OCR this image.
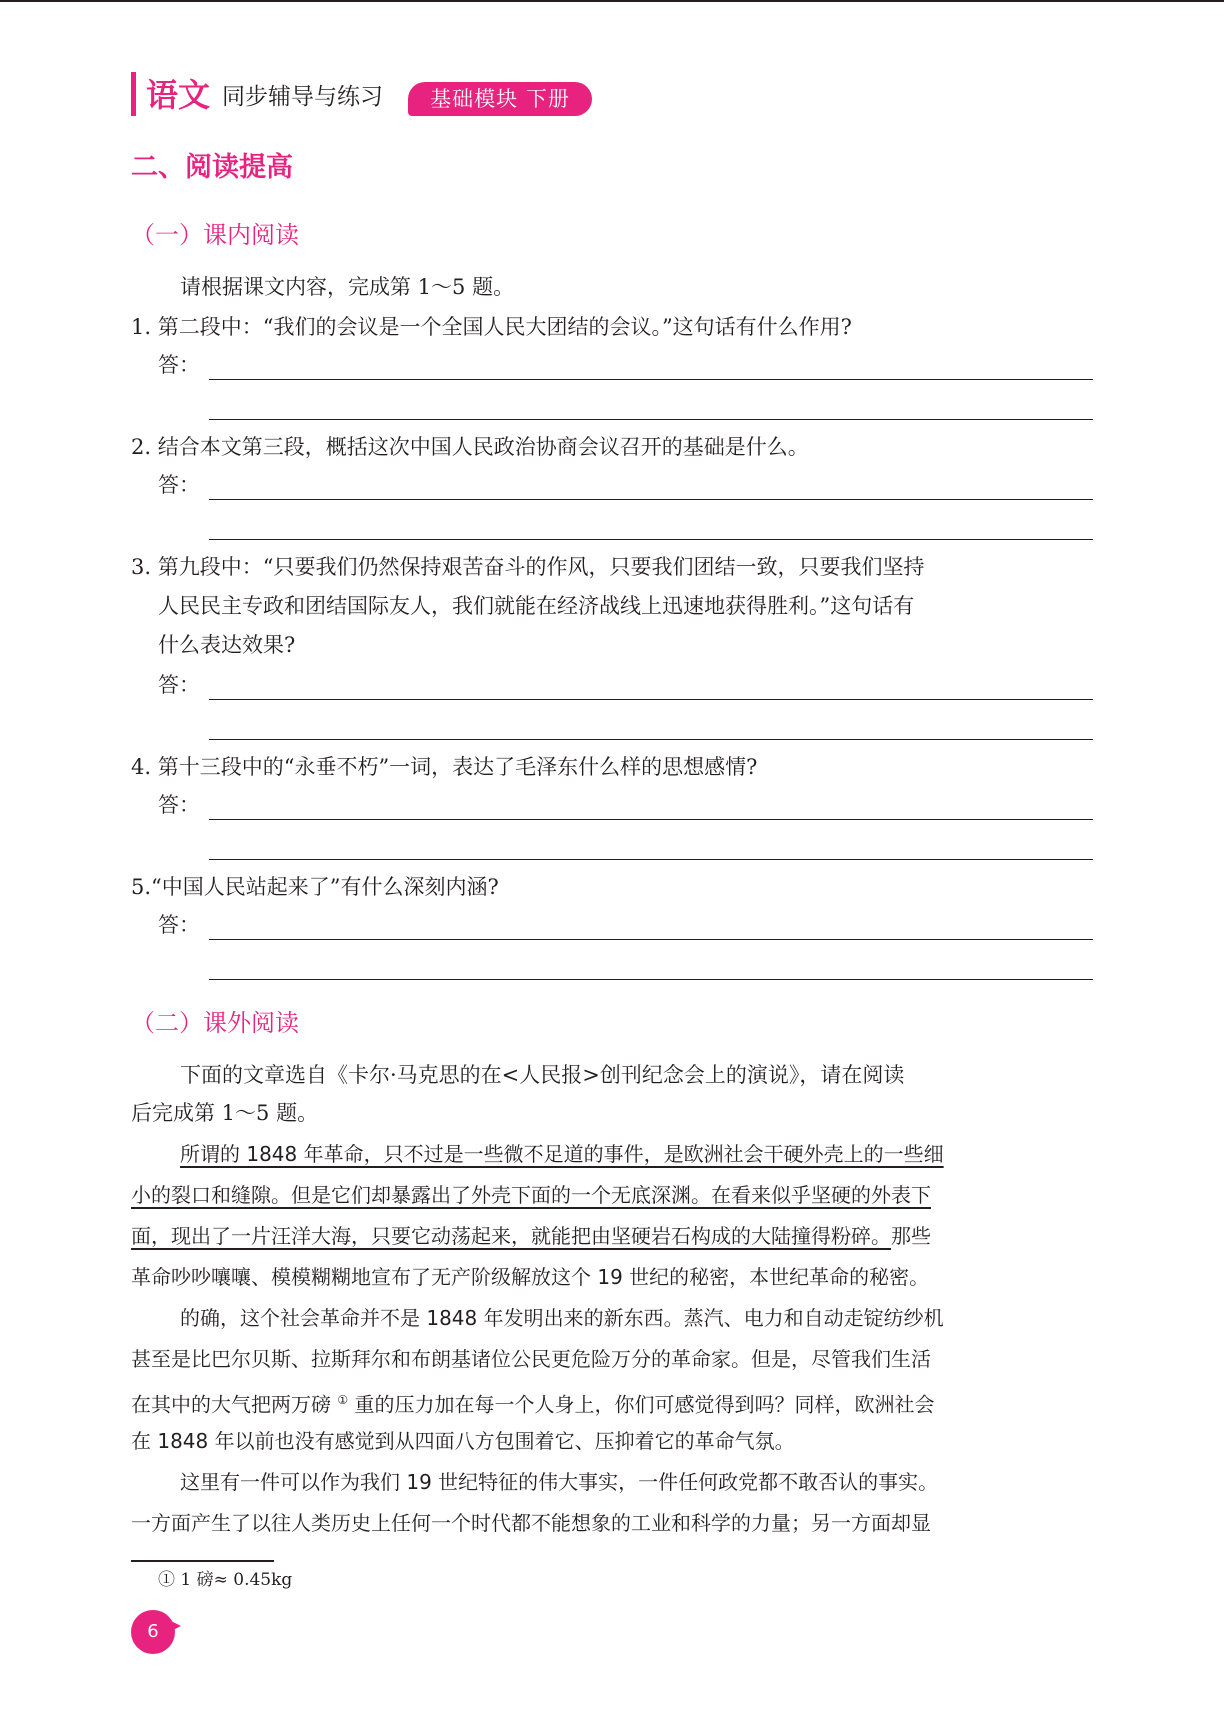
语文 同步辅导与练习	基础模块 下册
二、阅读提高
（一）课内阅读
请根据课文内容，完成第 1～5 题。
1. 第二段中：“我们的会议是一个全国人民大团结的会议。”这句话有什么作用?
答：
2. 结合本文第三段，概括这次中国人民政治协商会议召开的基础是什么。
答：
3. 第九段中：“只要我们仍然保持艰苦奋斗的作风，只要我们团结一致，只要我们坚持
人民民主专政和团结国际友人，我们就能在经济战线上迅速地获得胜利。”这句话有
什么表达效果?
答：
4. 第十三段中的“永垂不朽”一词，表达了毛泽东什么样的思想感情?
答：
5.“中国人民站起来了”有什么深刻内涵?
答：
（二）课外阅读
下面的文章选自《卡尔·马克思的在<人民报>创刊纪念会上的演说》，请在阅读
后完成第 1～5 题。
所谓的 1848 年革命，只不过是一些微不足道的事件，是欧洲社会干硬外壳上的一些细
小的裂口和缝隙。但是它们却暴露出了外壳下面的一个无底深渊。在看来似乎坚硬的外表下
面，现出了一片汪洋大海，只要它动荡起来，就能把由坚硬岩石构成的大陆撞得粉碎。那些
革命吵吵嚷嚷、模模糊糊地宣布了无产阶级解放这个 19 世纪的秘密，本世纪革命的秘密。
的确，这个社会革命并不是 1848 年发明出来的新东西。蒸汽、电力和自动走锭纺纱机
甚至是比巴尔贝斯、拉斯拜尔和布朗基诸位公民更危险万分的革命家。但是，尽管我们生活
在其中的大气把两万磅 ① 重的压力加在每一个人身上，你们可感觉得到吗？同样，欧洲社会
在 1848 年以前也没有感觉到从四面八方包围着它、压抑着它的革命气氛。
这里有一件可以作为我们 19 世纪特征的伟大事实，一件任何政党都不敢否认的事实。
一方面产生了以往人类历史上任何一个时代都不能想象的工业和科学的力量；另一方面却显
① 1 磅≈ 0.45kg
6
